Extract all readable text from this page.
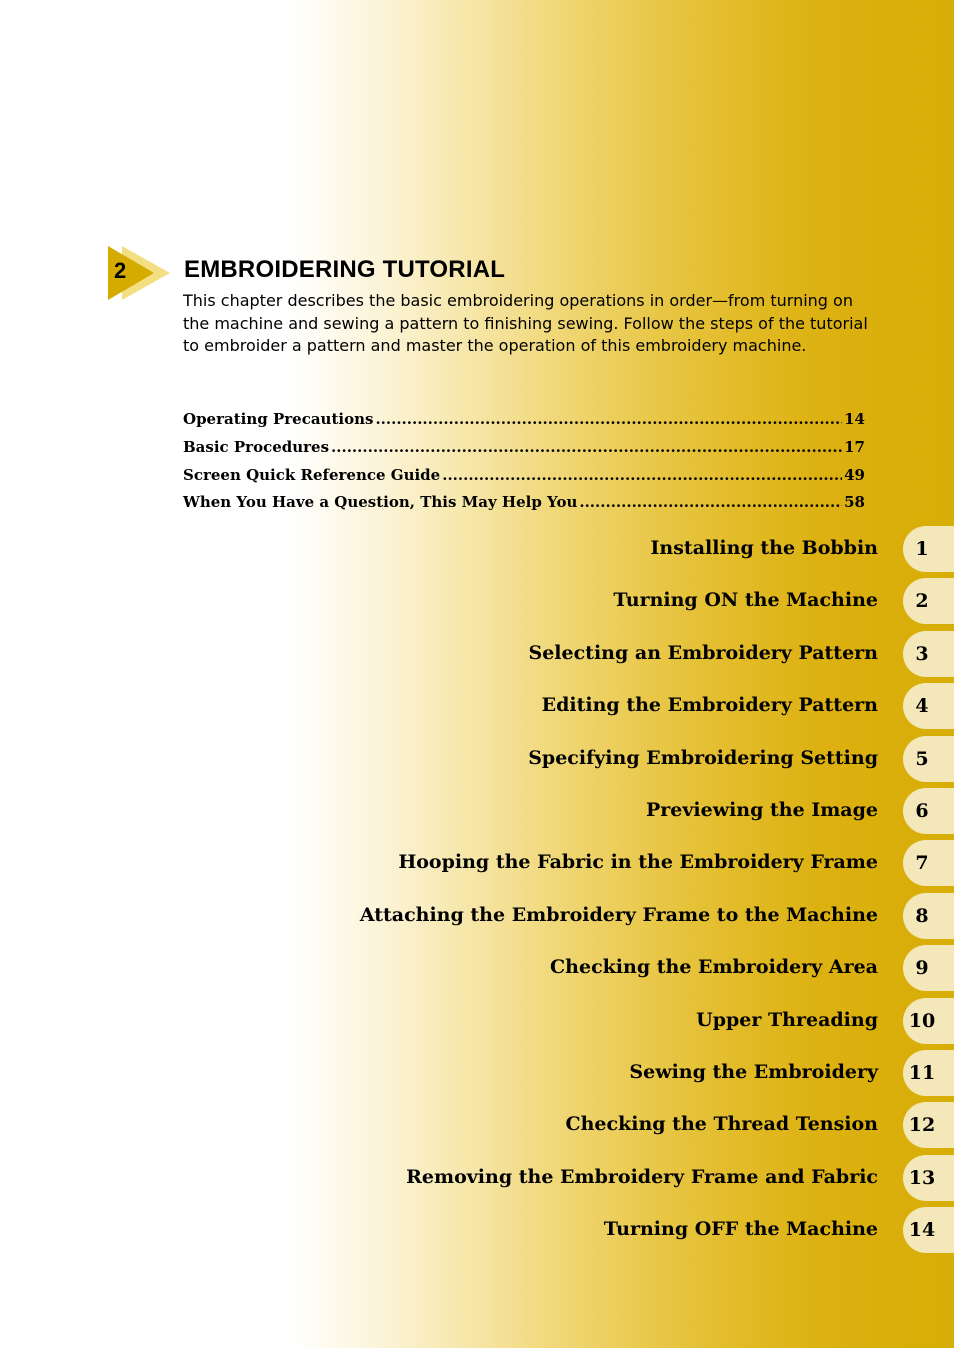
2 EMBROIDERING TUTORIAL
This chapter describes the basic embroidering operations in order—from turning on the machine and sewing a pattern to finishing sewing. Follow the steps of the tutorial to embroider a pattern and master the operation of this embroidery machine.
Operating Precautions .....	14
Basic Procedures .....	17
Screen Quick Reference Guide .....	49
When You Have a Question, This May Help You .....	58
Installing the Bobbin	1
Turning ON the Machine	2
Selecting an Embroidery Pattern	3
Editing the Embroidery Pattern	4
Specifying Embroidering Setting	5
Previewing the Image	6
Hooping the Fabric in the Embroidery Frame	7
Attaching the Embroidery Frame to the Machine	8
Checking the Embroidery Area	9
Upper Threading 10
Sewing the Embroidery 11
Checking the Thread Tension 12
Removing the Embroidery Frame and Fabric 13
Turning OFF the Machine 14
